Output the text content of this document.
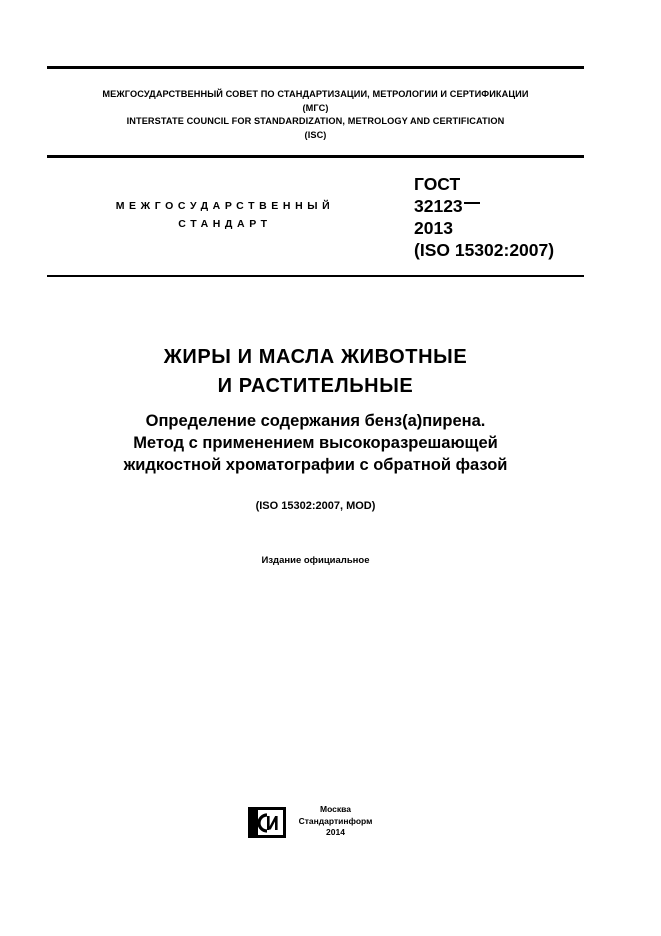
МЕЖГОСУДАРСТВЕННЫЙ СОВЕТ ПО СТАНДАРТИЗАЦИИ, МЕТРОЛОГИИ И СЕРТИФИКАЦИИ
(МГС)
INTERSTATE COUNCIL FOR STANDARDIZATION, METROLOGY AND CERTIFICATION
(ISC)
МЕЖГОСУДАРСТВЕННЫЙ
СТАНДАРТ
ГОСТ
32123
2013
(ISO 15302:2007)
ЖИРЫ И МАСЛА ЖИВОТНЫЕ
И РАСТИТЕЛЬНЫЕ
Определение содержания бенз(а)пирена.
Метод с применением высокоразрешающей
жидкостной хроматографии с обратной фазой
(ISO 15302:2007, MOD)
Издание официальное
Москва
Стандартинформ
2014
